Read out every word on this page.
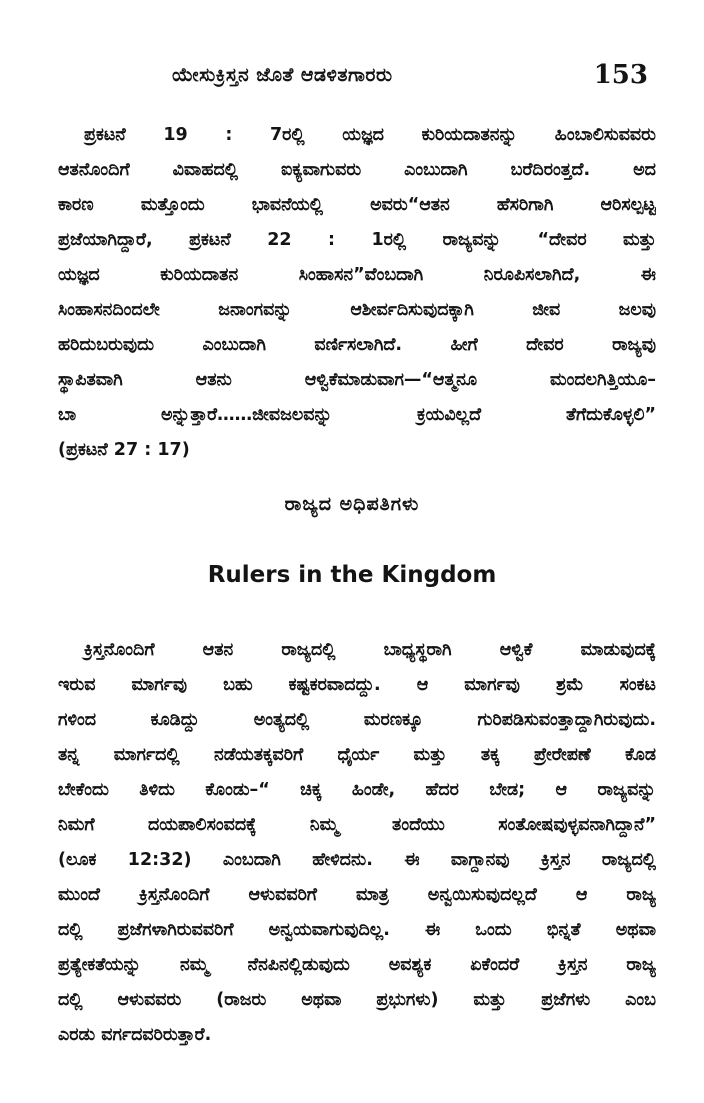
ಯೇಸುಕ್ರಿಸ್ತನ ಜೊತೆ ಆಡಳಿತಗಾರರು	153
ಪ್ರಕಟನೆ 19 : 7ರಲ್ಲಿ ಯಜ್ಞದ ಕುರಿಯದಾತನನ್ನು ಹಿಂಬಾಲಿಸುವವರು
ಆತನೊಂದಿಗೆ ವಿವಾಹದಲ್ಲಿ ಐಕ್ಯವಾಗುವರು ಎಂಬುದಾಗಿ ಬರೆದಿರಂತ್ತದೆ. ಅದ
ಕಾರಣ ಮತ್ತೊಂದು ಭಾವನೆಯಲ್ಲಿ ಅವರು“ಆತನ ಹೆಸರಿಗಾಗಿ ಆರಿಸಲ್ಪಟ್ಟ
ಪ್ರಜೆಯಾಗಿದ್ದಾರೆ, ಪ್ರಕಟನೆ 22 : 1ರಲ್ಲಿ ರಾಜ್ಯವನ್ನು “ದೇವರ ಮತ್ತು
ಯಜ್ಞದ ಕುರಿಯದಾತನ ಸಿಂಹಾಸನ”ವೆಂಬದಾಗಿ ನಿರೂಪಿಸಲಾಗಿದೆ, ಈ
ಸಿಂಹಾಸನದಿಂದಲೇ ಜನಾಂಗವನ್ನು ಆಶೀರ್ವದಿಸುವುದಕ್ಕಾಗಿ ಜೀವ ಜಲವು
ಹರಿದುಬರುವುದು ಎಂಬುದಾಗಿ ವರ್ಣಿಸಲಾಗಿದೆ. ಹೀಗೆ ದೇವರ ರಾಜ್ಯವು
ಸ್ಥಾಪಿತವಾಗಿ ಆತನು ಆಳ್ವಿಕೆಮಾಡುವಾಗ—“ಆತ್ಮನೂ ಮಂದಲಗಿತ್ತಿಯೂ–
ಬಾ ಅನ್ನುತ್ತಾರೆ……ಜೀವಜಲವನ್ನು ಕ್ರಯವಿಲ್ಲದೆ ತೆಗೆದುಕೊಳ್ಳಲಿ”
(ಪ್ರಕಟನೆ 27 : 17)
ರಾಜ್ಯದ ಅಧಿಪತಿಗಳು
Rulers in the Kingdom
ಕ್ರಿಸ್ತನೊಂದಿಗೆ ಆತನ ರಾಜ್ಯದಲ್ಲಿ ಬಾಧ್ಯಸ್ಥರಾಗಿ ಆಳ್ವಿಕೆ ಮಾಡುವುದಕ್ಕೆ
ಇರುವ ಮಾರ್ಗವು ಬಹು ಕಷ್ಟಕರವಾದದ್ದು. ಆ ಮಾರ್ಗವು ಶ್ರಮೆ ಸಂಕಟ
ಗಳಿಂದ ಕೂಡಿದ್ದು ಅಂತ್ಯದಲ್ಲಿ ಮರಣಕ್ಕೂ ಗುರಿಪಡಿಸುವಂತ್ತಾದ್ದಾಗಿರುವುದು.
ತನ್ನ ಮಾರ್ಗದಲ್ಲಿ ನಡೆಯತಕ್ಕವರಿಗೆ ಧೈರ್ಯ ಮತ್ತು ತಕ್ಕ ಪ್ರೇರೇಪಣೆ ಕೊಡ
ಬೇಕೆಂದು ತಿಳಿದು ಕೊಂಡು–“ ಚಿಕ್ಕ ಹಿಂಡೇ, ಹೆದರ ಬೇಡ; ಆ ರಾಜ್ಯವನ್ನು
ನಿಮಗೆ ದಯಪಾಲಿಸಂವದಕ್ಕೆ ನಿಮ್ಮ ತಂದೆಯು ಸಂತೋಷವುಳ್ಳವನಾಗಿದ್ದಾನೆ”
(ಲೂಕ 12:32) ಎಂಬದಾಗಿ ಹೇಳಿದನು. ಈ ವಾಗ್ದಾನವು ಕ್ರಿಸ್ತನ ರಾಜ್ಯದಲ್ಲಿ
ಮುಂದೆ ಕ್ರಿಸ್ತನೊಂದಿಗೆ ಆಳುವವರಿಗೆ ಮಾತ್ರ ಅನ್ವಯಿಸುವುದಲ್ಲದೆ ಆ ರಾಜ್ಯ
ದಲ್ಲಿ ಪ್ರಜೆಗಳಾಗಿರುವವರಿಗೆ ಅನ್ವಯವಾಗುವುದಿಲ್ಲ. ಈ ಒಂದು ಭಿನ್ನತೆ ಅಥವಾ
ಪ್ರತ್ಯೇಕತೆಯನ್ನು ನಮ್ಮ ನೆನಪಿನಲ್ಲಿಡುವುದು ಅವಶ್ಯಕ ಏಕೆಂದರೆ ಕ್ರಿಸ್ತನ ರಾಜ್ಯ
ದಲ್ಲಿ ಆಳುವವರು (ರಾಜರು ಅಥವಾ ಪ್ರಭುಗಳು) ಮತ್ತು ಪ್ರಜೆಗಳು ಎಂಬ
ಎರಡು ವರ್ಗದವರಿರುತ್ತಾರೆ.
